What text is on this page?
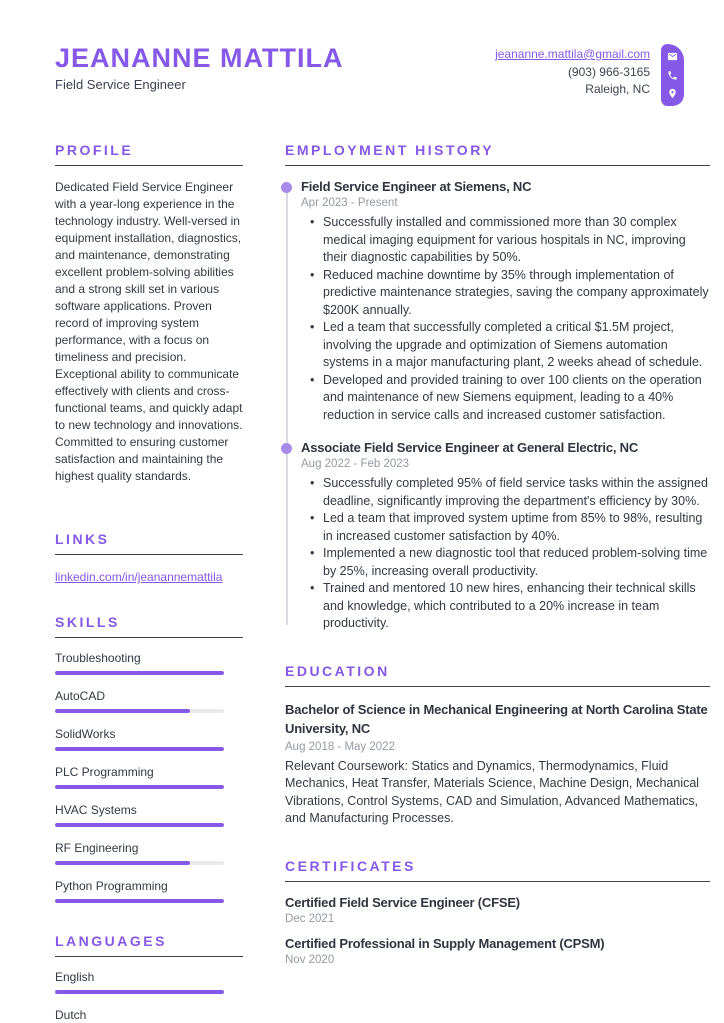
JEANANNE MATTILA
Field Service Engineer
jeananne.mattila@gmail.com
(903) 966-3165
Raleigh, NC
PROFILE

Dedicated Field Service Engineer with a year-long experience in the technology industry. Well-versed in equipment installation, diagnostics, and maintenance, demonstrating excellent problem-solving abilities and a strong skill set in various software applications. Proven record of improving system performance, with a focus on timeliness and precision. Exceptional ability to communicate effectively with clients and cross-functional teams, and quickly adapt to new technology and innovations. Committed to ensuring customer satisfaction and maintaining the highest quality standards.

LINKS
linkedin.com/in/jeanannemattila
SKILLS
Troubleshooting
AutoCAD
SolidWorks
PLC Programming
HVAC Systems
RF Engineering
Python Programming
LANGUAGES
English
Dutch
EMPLOYMENT HISTORY
Field Service Engineer at Siemens, NC
Apr 2023 - Present
• Successfully installed and commissioned more than 30 complex medical imaging equipment for various hospitals in NC, improving their diagnostic capabilities by 50%.
• Reduced machine downtime by 35% through implementation of predictive maintenance strategies, saving the company approximately $200K annually.
• Led a team that successfully completed a critical $1.5M project, involving the upgrade and optimization of Siemens automation systems in a major manufacturing plant, 2 weeks ahead of schedule.
• Developed and provided training to over 100 clients on the operation and maintenance of new Siemens equipment, leading to a 40% reduction in service calls and increased customer satisfaction.
Associate Field Service Engineer at General Electric, NC
Aug 2022 - Feb 2023
• Successfully completed 95% of field service tasks within the assigned deadline, significantly improving the department's efficiency by 30%.
• Led a team that improved system uptime from 85% to 98%, resulting in increased customer satisfaction by 40%.
• Implemented a new diagnostic tool that reduced problem-solving time by 25%, increasing overall productivity.
• Trained and mentored 10 new hires, enhancing their technical skills and knowledge, which contributed to a 20% increase in team productivity.
EDUCATION
Bachelor of Science in Mechanical Engineering at North Carolina State University, NC
Aug 2018 - May 2022

Relevant Coursework: Statics and Dynamics, Thermodynamics, Fluid Mechanics, Heat Transfer, Materials Science, Machine Design, Mechanical Vibrations, Control Systems, CAD and Simulation, Advanced Mathematics, and Manufacturing Processes.

CERTIFICATES
Certified Field Service Engineer (CFSE)
Dec 2021
Certified Professional in Supply Management (CPSM)
Nov 2020
